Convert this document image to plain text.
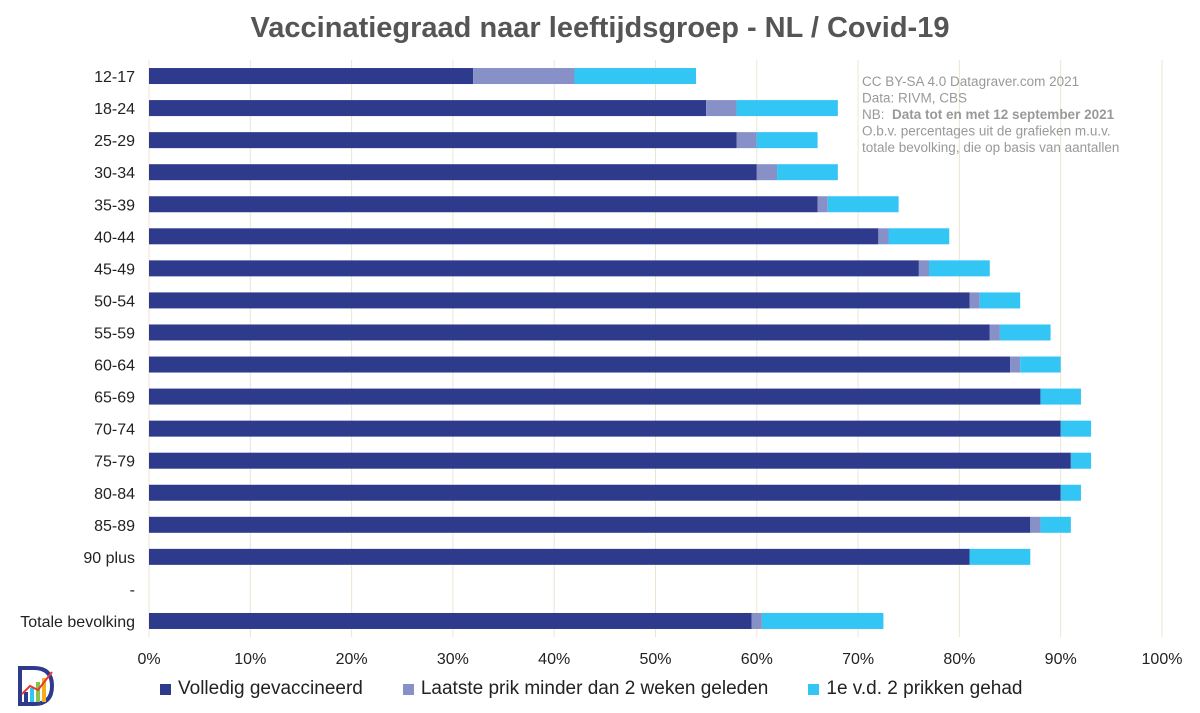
Vaccinatiegraad naar leeftijdsgroep - NL / Covid-19
12-17
18-24
25-29
30-34
35-39
40-44
45-49
50-54
55-59
60-64
65-69
70-74
75-79
80-84
85-89
90 plus
-
Totale bevolking
0%	10%	20%	30%	40%	50%	60%	70%	80%	90%	100%
CC BY-SA 4.0 Datagraver.com 2021
Data: RIVM, CBS
NB:  Data tot en met 12 september 2021
O.b.v. percentages uit de grafieken m.u.v.
totale bevolking, die op basis van aantallen
Volledig gevaccineerd	Laatste prik minder dan 2 weken geleden	1e v.d. 2 prikken gehad
